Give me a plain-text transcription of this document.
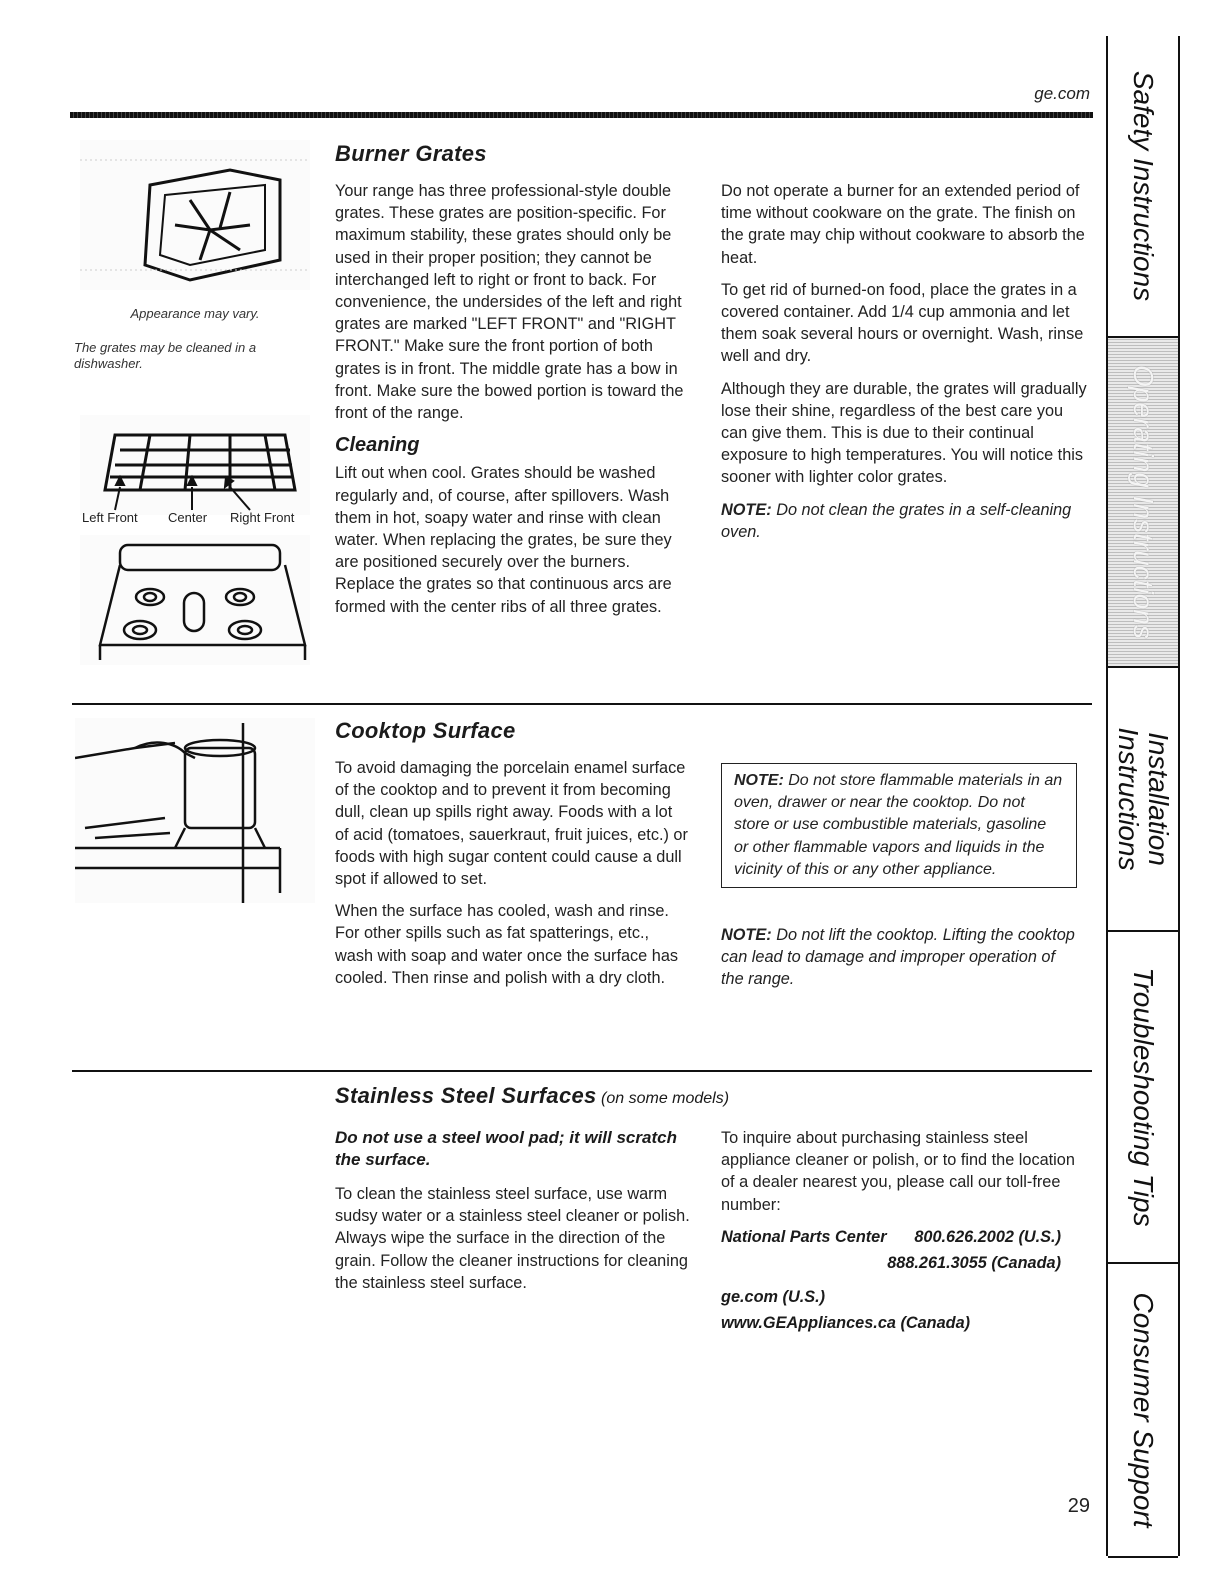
ge.com Safety Instructions
Operating Instructions
Installation Instructions
Troubleshooting Tips
Consumer Support
Appearance may vary.
The grates may be cleaned in a dishwasher.
Left Front Center Right Front
Burner Grates

Your range has three professional-style double grates. These grates are position-specific. For maximum stability, these grates should only be used in their proper position; they cannot be interchanged left to right or front to back. For convenience, the undersides of the left and right grates are marked "LEFT FRONT" and "RIGHT FRONT." Make sure the front portion of both grates is in front. The middle grate has a bow in front. Make sure the bowed portion is toward the front of the range.

Cleaning

Lift out when cool. Grates should be washed regularly and, of course, after spillovers. Wash them in hot, soapy water and rinse with clean water. When replacing the grates, be sure they are positioned securely over the burners. Replace the grates so that continuous arcs are formed with the center ribs of all three grates.

Do not operate a burner for an extended period of time without cookware on the grate. The finish on the grate may chip without cookware to absorb the heat.

To get rid of burned-on food, place the grates in a covered container. Add 1/4 cup ammonia and let them soak several hours or overnight. Wash, rinse well and dry.

Although they are durable, the grates will gradually lose their shine, regardless of the best care you can give them. This is due to their continual exposure to high temperatures. You will notice this sooner with lighter color grates.

NOTE: Do not clean the grates in a self-cleaning oven.

Cooktop Surface

To avoid damaging the porcelain enamel surface of the cooktop and to prevent it from becoming dull, clean up spills right away. Foods with a lot of acid (tomatoes, sauerkraut, fruit juices, etc.) or foods with high sugar content could cause a dull spot if allowed to set.

When the surface has cooled, wash and rinse. For other spills such as fat spatterings, etc., wash with soap and water once the surface has cooled. Then rinse and polish with a dry cloth.

NOTE: Do not store flammable materials in an oven, drawer or near the cooktop. Do not store or use combustible materials, gasoline or other flammable vapors and liquids in the vicinity of this or any other appliance.
NOTE: Do not lift the cooktop. Lifting the cooktop can lead to damage and improper operation of the range.
Stainless Steel Surfaces (on some models)
Do not use a steel wool pad; it will scratch the surface.
To clean the stainless steel surface, use warm sudsy water or a stainless steel cleaner or polish. Always wipe the surface in the direction of the grain. Follow the cleaner instructions for cleaning the stainless steel surface.
To inquire about purchasing stainless steel appliance cleaner or polish, or to find the location of a dealer nearest you, please call our toll-free number:
National Parts Center 800.626.2002 (U.S.)
888.261.3055 (Canada)
ge.com (U.S.)
www.GEAppliances.ca (Canada)
29
